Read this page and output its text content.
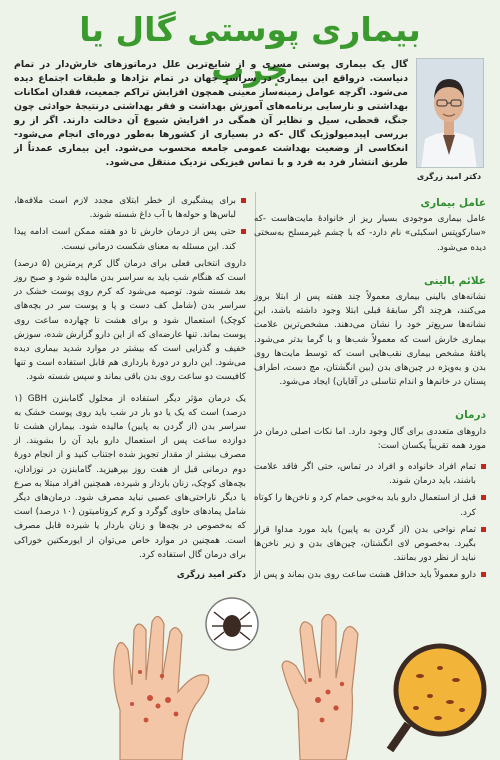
بیماری پوستی گال یا جرب
دکتر امید زرگری
گال یک بیماری پوستی مسری و از شایع‌ترین علل درماتوزهای خارش‌دار در تمام دنیاست. درواقع این بیماری در سراسر جهان در تمام نژادها و طبقات اجتماع دیده می‌شود. اگرچه عوامل زمینه‌ساز معینی همچون افزایش تراکم جمعیت، فقدان امکانات بهداشتی و نارسایی برنامه‌های آموزش بهداشت و فقر بهداشتی درنتیجهٔ حوادثی چون جنگ، قحطی، سیل و نظایر آن همگی در افزایش شیوع آن دخالت دارند. اگر از رو بررسی اپیدمیولوژیک گال -که در بسیاری از کشورها به‌طور دوره‌ای انجام می‌شود- انعکاسی از وضعیت بهداشت عمومی جامعه محسوب می‌شود. این بیماری عمدتاً از طریق انتشار فرد به فرد و با تماس فیزیکی نزدیک منتقل می‌شود.
عامل بیماری
عامل بیماری موجودی بسیار ریز از خانوادهٔ مایت‌هاست -که «سارکوپتس اسکبئی» نام دارد- که با چشم غیرمسلح به‌سختی دیده می‌شود.
علائم بالینی
نشانه‌های بالینی بیماری معمولاً چند هفته پس از ابتلا بروز می‌کنند، هرچند اگر سابقهٔ قبلی ابتلا وجود داشته باشد، این نشانه‌ها سریع‌تر خود را نشان می‌دهند. مشخص‌ترین علامت بیماری خارش است که معمولاً شب‌ها و با گرما بدتر می‌شود. یافتهٔ مشخص بیماری نقب‌هایی است که توسط مایت‌ها روی بدن و به‌ویژه در چین‌های بدن (بین انگشتان، مچ دست، اطراف پستان در خانم‌ها و اندام تناسلی در آقایان) ایجاد می‌شود.
درمان
داروهای متعددی برای گال وجود دارد. اما نکات اصلی درمان در مورد همه تقریباً یکسان است:
تمام افراد خانواده و افراد در تماس، حتی اگر فاقد علامت باشند، باید درمان شوند.
قبل از استعمال دارو باید به‌خوبی حمام کرد و ناخن‌ها را کوتاه کرد.
تمام نواحی بدن (از گردن به پایین) باید مورد مداوا قرار بگیرد. به‌خصوص لای انگشتان، چین‌های بدن و زیر ناخن‌ها نباید از نظر دور بمانند.
دارو معمولاً باید حداقل هشت ساعت روی بدن بماند و پس از
برای پیشگیری از خطر ابتلای مجدد لازم است ملافه‌ها، لباس‌ها و حوله‌ها با آب داغ شسته شوند.
حتی پس از درمان خارش تا دو هفته ممکن است ادامه پیدا کند. این مسئله به معنای شکست درمانی نیست.
داروی انتخابی فعلی برای درمان گال کرم پرمترین (۵ درصد) است که هنگام شب باید به سراسر بدن مالیده شود و صبح روز بعد شسته شود. توصیه می‌شود که کرم روی پوست خشک در سراسر بدن (شامل کف دست و پا و پوست سر در بچه‌های کوچک) استعمال شود و برای هشت تا چهارده ساعت روی پوست بماند. تنها عارضه‌ای که از این دارو گزارش شده، سوزش خفیف و گذرایی است که بیشتر در موارد شدید بیماری دیده می‌شود. این دارو در دورهٔ بارداری هم قابل استفاده است و تنها کافیست دو ساعت روی بدن باقی بماند و سپس شسته شود.
یک درمان مؤثر دیگر استفاده از محلول گامابنزن GBH (۱ درصد) است که یک یا دو بار در شب باید روی پوست خشک به سراسر بدن (از گردن به پایین) مالیده شود. بیماران هشت تا دوازده ساعت پس از استعمال دارو باید آن را بشویند. از مصرف بیشتر از مقدار تجویز شده اجتناب کنید و از انجام دورهٔ دوم درمانی قبل از هفت روز بپرهیزید. گامابنزن در نوزادان، بچه‌های کوچک، زنان باردار و شیرده، همچنین افراد مبتلا به صرع یا دیگر ناراحتی‌های عصبی نباید مصرف شود. درمان‌های دیگر شامل پمادهای حاوی گوگرد و کرم کروتامیتون (۱۰ درصد) است که به‌خصوص در بچه‌ها و زنان باردار یا شیرده قابل مصرف است. همچنین در موارد خاص می‌توان از ایورمکتین خوراکی برای درمان گال استفاده کرد.
دکتر امید زرگری
